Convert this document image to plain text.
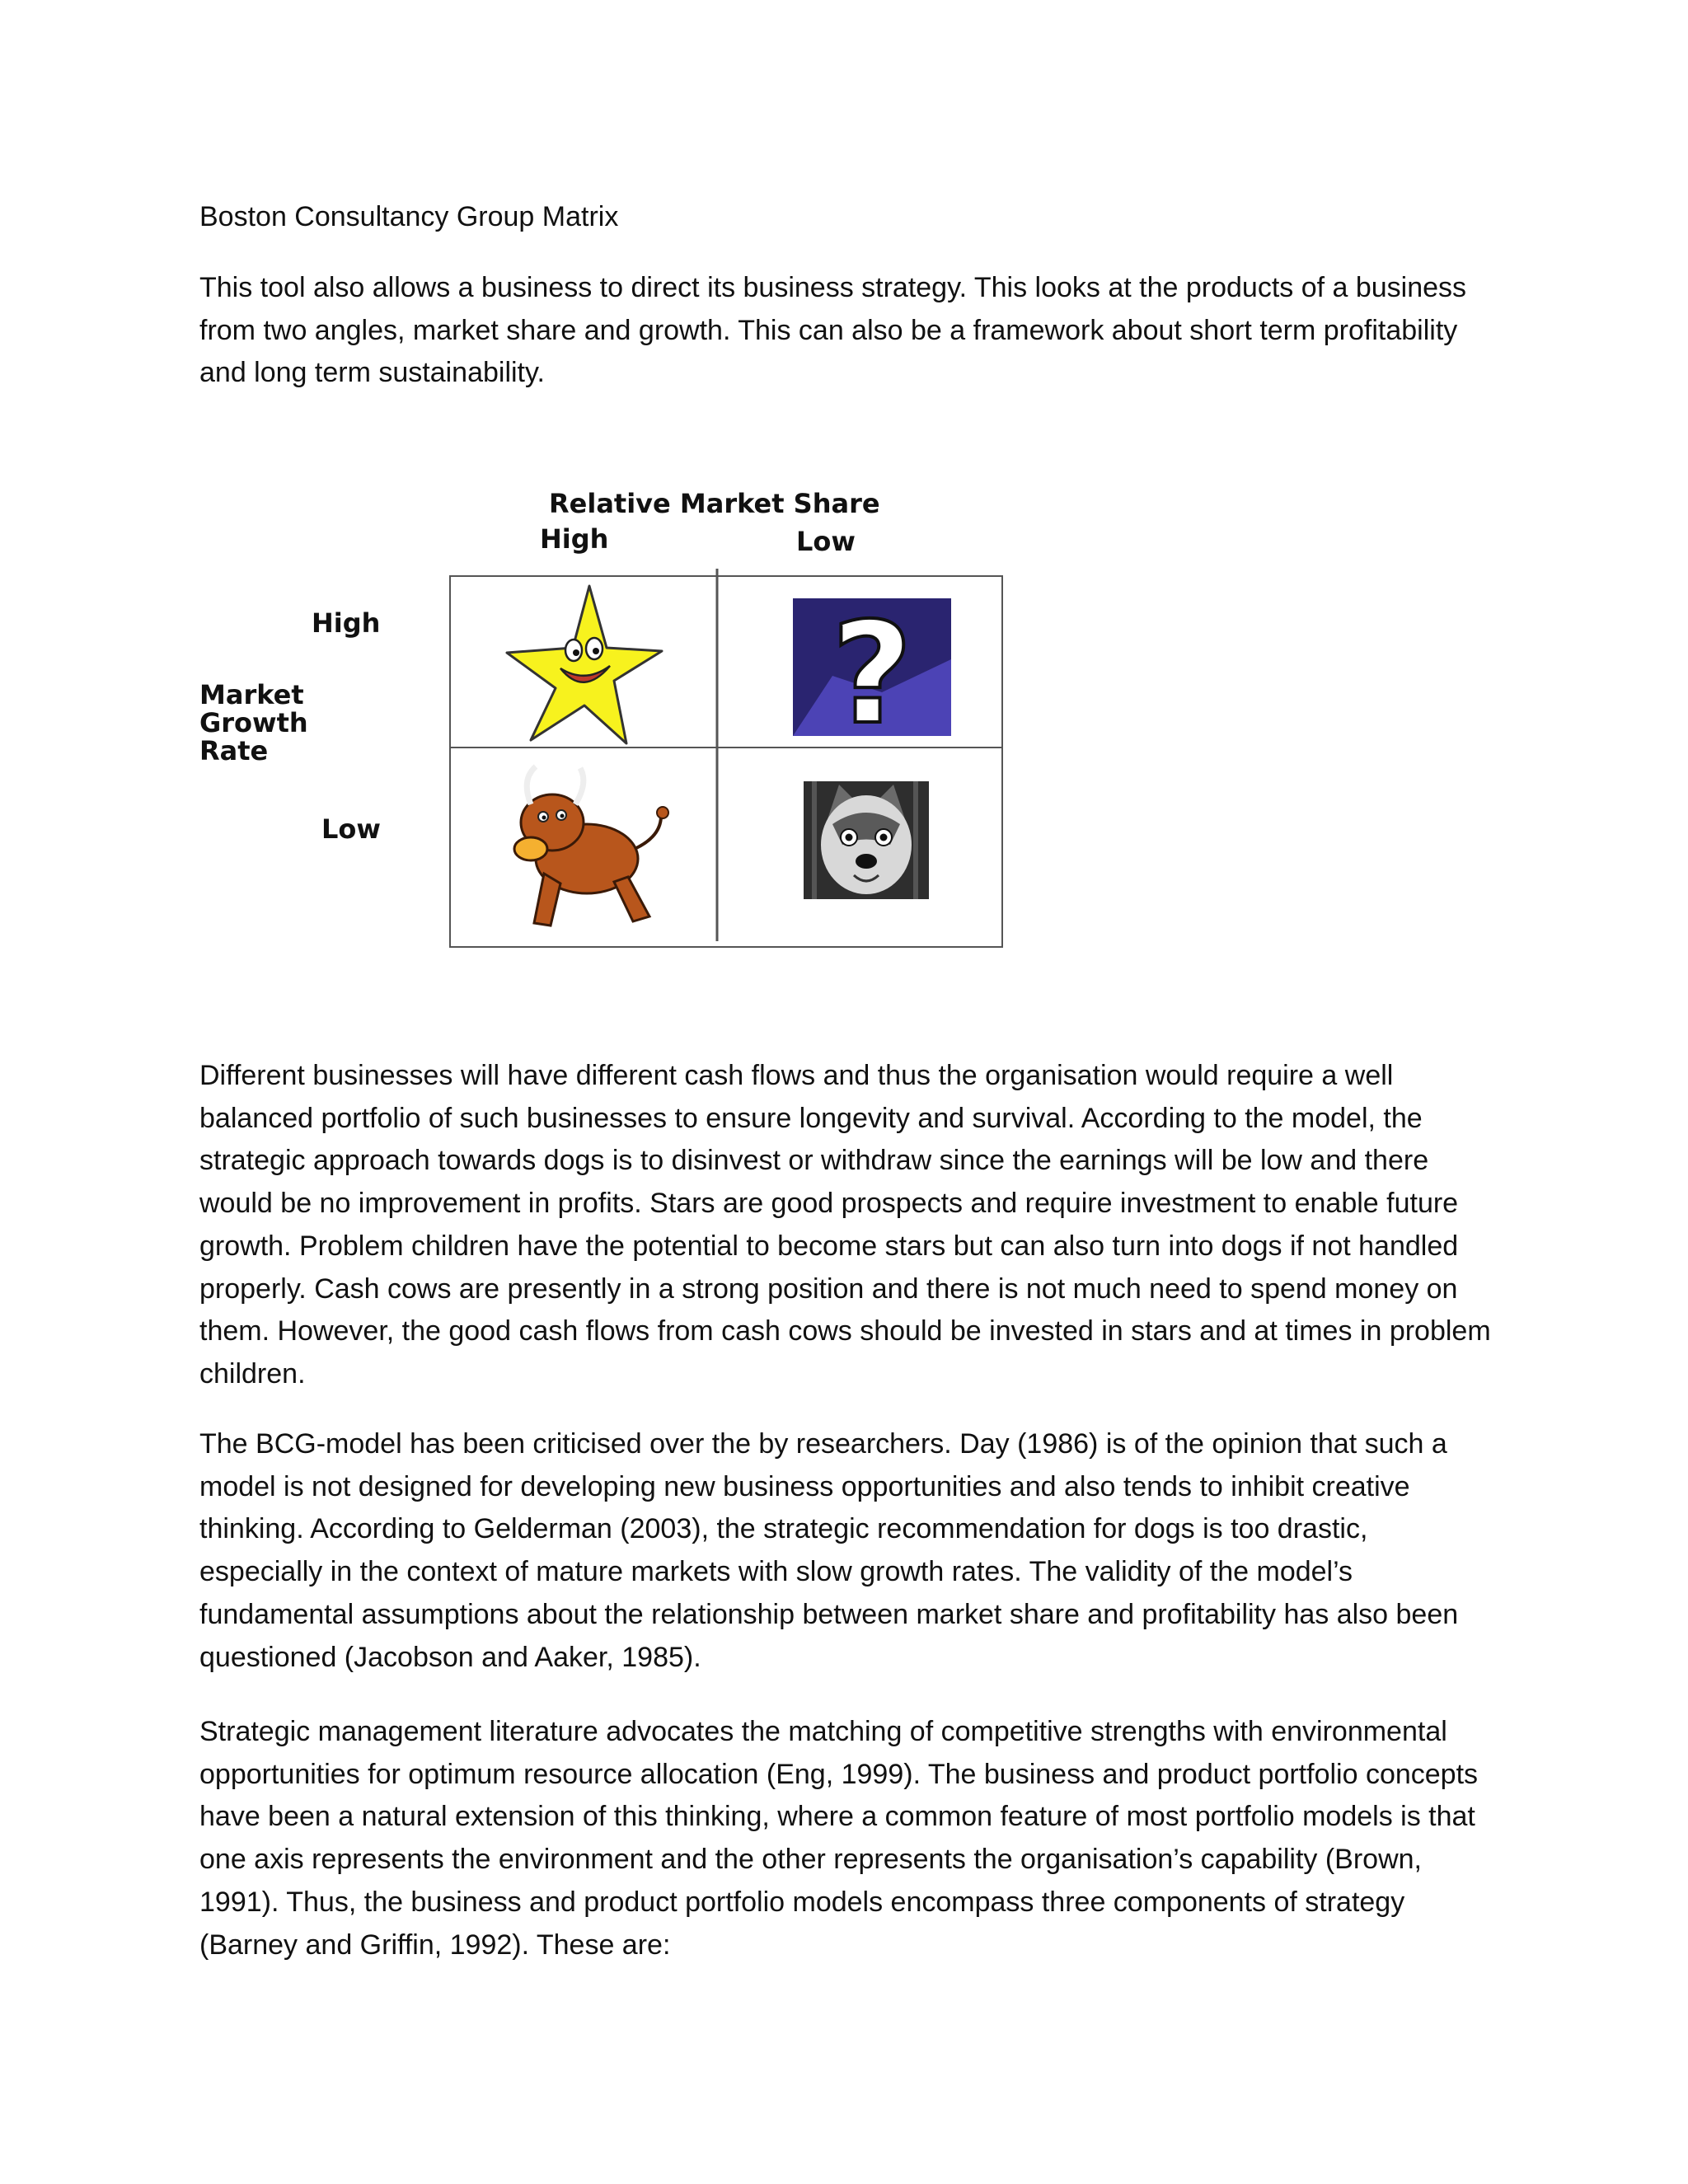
Boston Consultancy Group Matrix

This tool also allows a business to direct its business strategy. This looks at the products of a business from two angles, market share and growth. This can also be a framework about short term profitability and long term sustainability.

Relative Market Share

High	Low

High

Low

Market
Growth
Rate	?

Different businesses will have different cash flows and thus the organisation would require a well balanced portfolio of such businesses to ensure longevity and survival. According to the model, the strategic approach towards dogs is to disinvest or withdraw since the earnings will be low and there would be no improvement in profits. Stars are good prospects and require investment to enable future growth. Problem children have the potential to become stars but can also turn into dogs if not handled properly. Cash cows are presently in a strong position and there is not much need to spend money on them. However, the good cash flows from cash cows should be invested in stars and at times in problem children.

The BCG-model has been criticised over the by researchers. Day (1986) is of the opinion that such a model is not designed for developing new business opportunities and also tends to inhibit creative thinking. According to Gelderman (2003), the strategic recommendation for dogs is too drastic, especially in the context of mature markets with slow growth rates. The validity of the model’s fundamental assumptions about the relationship between market share and profitability has also been questioned (Jacobson and Aaker, 1985).

Strategic management literature advocates the matching of competitive strengths with environmental opportunities for optimum resource allocation (Eng, 1999). The business and product portfolio concepts have been a natural extension of this thinking, where a common feature of most portfolio models is that one axis represents the environment and the other represents the organisation’s capability (Brown, 1991). Thus, the business and product portfolio models encompass three components of strategy (Barney and Griffin, 1992). These are:
